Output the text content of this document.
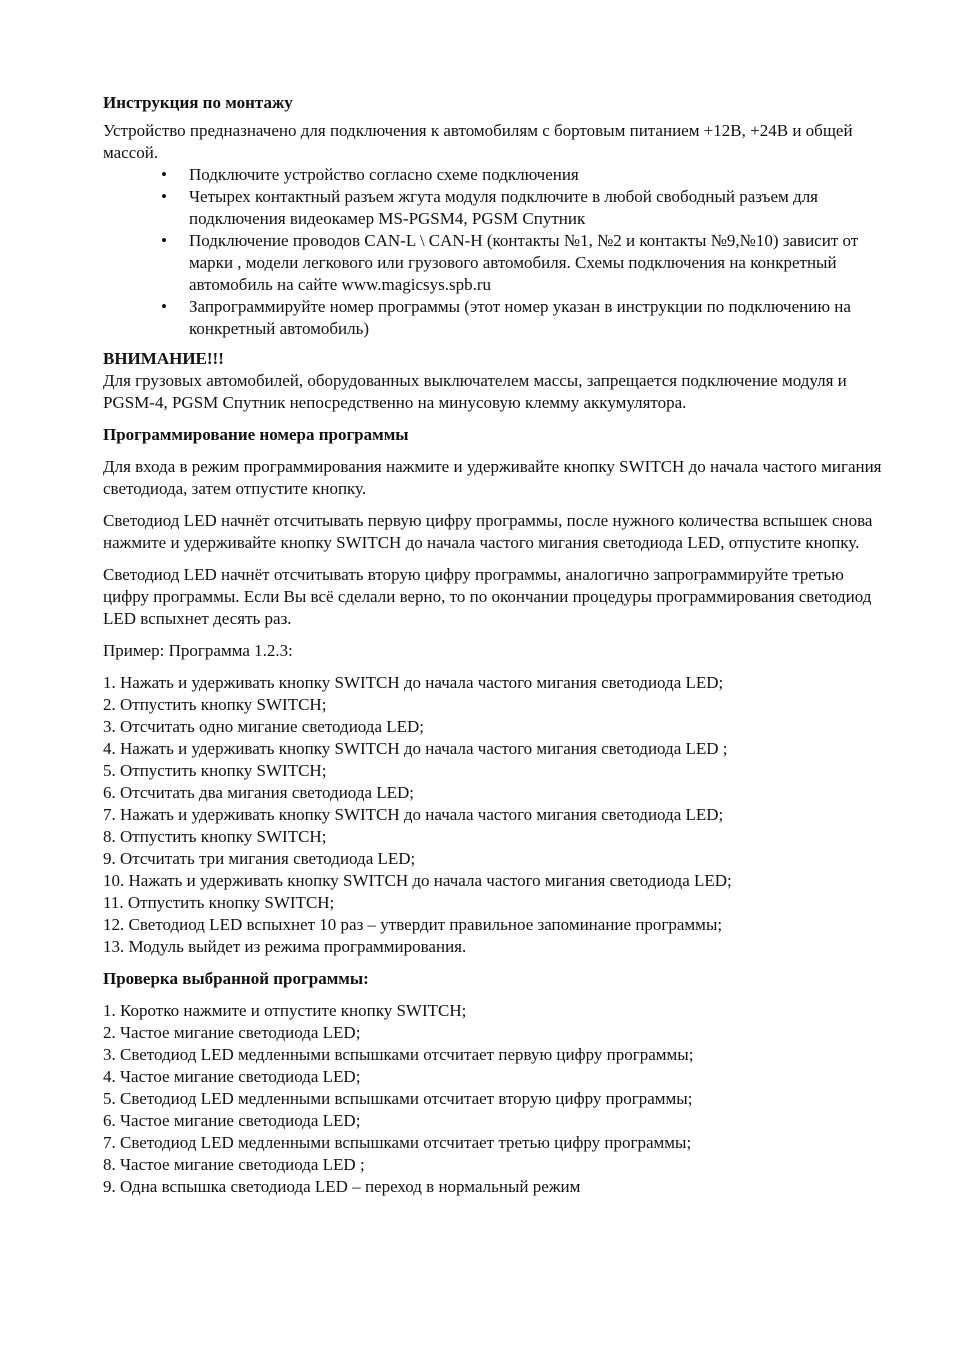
Инструкция по монтажу
Устройство предназначено для подключения к автомобилям с бортовым питанием +12В, +24В и общей массой.
• Подключите устройство согласно схеме подключения
• Четырех контактный разъем жгута модуля подключите в любой свободный разъем для подключения видеокамер MS-PGSM4, PGSM Спутник
• Подключение проводов CAN-L \ CAN-H (контакты №1, №2 и контакты №9,№10) зависит от марки , модели легкового или грузового автомобиля. Схемы подключения на конкретный автомобиль на сайте www.magicsys.spb.ru
• Запрограммируйте номер программы (этот номер указан в инструкции по подключению на конкретный автомобиль)
ВНИМАНИЕ!!!
Для грузовых автомобилей, оборудованных выключателем массы, запрещается подключение модуля и PGSM-4, PGSM Спутник непосредственно на минусовую клемму аккумулятора.
Программирование номера программы
Для входа в режим программирования нажмите и удерживайте кнопку SWITCH до начала частого мигания светодиода, затем отпустите кнопку.
Светодиод LED начнёт отсчитывать первую цифру программы, после нужного количества вспышек снова нажмите и удерживайте кнопку SWITCH до начала частого мигания светодиода LED, отпустите кнопку.
Светодиод LED начнёт отсчитывать вторую цифру программы, аналогично запрограммируйте третью цифру программы. Если Вы всё сделали верно, то по окончании процедуры программирования светодиод LED вспыхнет десять раз.
Пример: Программа 1.2.3:
1. Нажать и удерживать кнопку SWITCH до начала частого мигания светодиода LED;
2. Отпустить кнопку SWITCH;
3. Отсчитать одно мигание светодиода LED;
4. Нажать и удерживать кнопку SWITCH до начала частого мигания светодиода LED ;
5. Отпустить кнопку SWITCH;
6. Отсчитать два мигания светодиода LED;
7. Нажать и удерживать кнопку SWITCH до начала частого мигания светодиода LED;
8. Отпустить кнопку SWITCH;
9. Отсчитать три мигания светодиода LED;
10. Нажать и удерживать кнопку SWITCH до начала частого мигания светодиода LED;
11. Отпустить кнопку SWITCH;
12. Светодиод LED вспыхнет 10 раз – утвердит правильное запоминание программы;
13. Модуль выйдет из режима программирования.
Проверка выбранной программы:
1. Коротко нажмите и отпустите кнопку SWITCH;
2. Частое мигание светодиода LED;
3. Светодиод LED медленными вспышками отсчитает первую цифру программы;
4. Частое мигание светодиода LED;
5. Светодиод LED медленными вспышками отсчитает вторую цифру программы;
6. Частое мигание светодиода LED;
7. Светодиод LED медленными вспышками отсчитает третью цифру программы;
8. Частое мигание светодиода LED ;
9. Одна вспышка светодиода LED – переход в нормальный режим
